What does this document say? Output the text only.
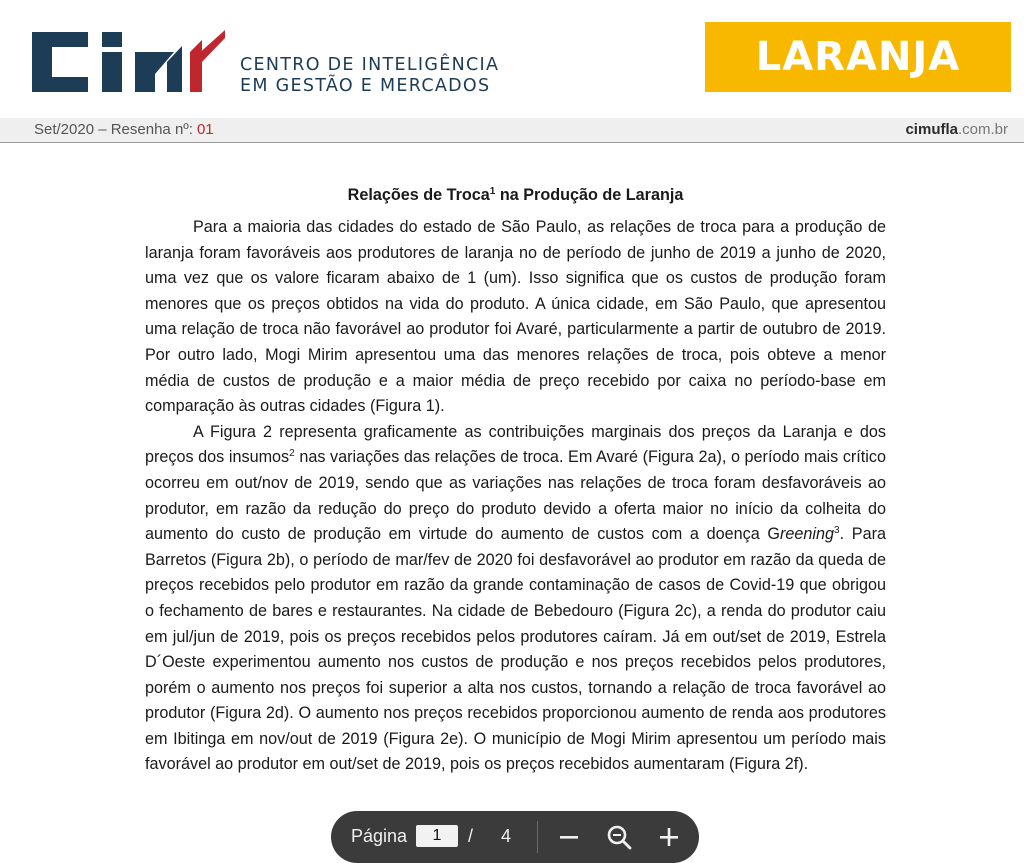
CENTRO DE INTELIGÊNCIA
EM GESTÃO E MERCADOS
LARANJA
Set/2020 – Resenha nº: 01	cimufla.com.br
Relações de Troca$^1$ na Produção de Laranja

Para a maioria das cidades do estado de São Paulo, as relações de troca para a produção de laranja foram favoráveis aos produtores de laranja no de período de junho de 2019 a junho de 2020, uma vez que os valore ficaram abaixo de 1 (um). Isso significa que os custos de produção foram menores que os preços obtidos na vida do produto. A única cidade, em São Paulo, que apresentou uma relação de troca não favorável ao produtor foi Avaré, particularmente a partir de outubro de 2019. Por outro lado, Mogi Mirim apresentou uma das menores relações de troca, pois obteve a menor média de custos de produção e a maior média de preço recebido por caixa no período-base em comparação às outras cidades (Figura 1).

A Figura 2 representa graficamente as contribuições marginais dos preços da Laranja e dos preços dos insumos$^2$ nas variações das relações de troca. Em Avaré (Figura 2a), o período mais crítico ocorreu em out/nov de 2019, sendo que as variações nas relações de troca foram desfavoráveis ao produtor, em razão da redução do preço do produto devido a oferta maior no início da colheita do aumento do custo de produção em virtude do aumento de custos com a doença Greening$^3$. Para Barretos (Figura 2b), o período de mar/fev de 2020 foi desfavorável ao produtor em razão da queda de preços recebidos pelo produtor em razão da grande contaminação de casos de Covid-19 que obrigou o fechamento de bares e restaurantes. Na cidade de Bebedouro (Figura 2c), a renda do produtor caiu em jul/jun de 2019, pois os preços recebidos pelos produtores caíram. Já em out/set de 2019, Estrela D´Oeste experimentou aumento nos custos de produção e nos preços recebidos pelos produtores, porém o aumento nos preços foi superior a alta nos custos, tornando a relação de troca favorável ao produtor (Figura 2d). O aumento nos preços recebidos proporcionou aumento de renda aos produtores em Ibitinga em nov/out de 2019 (Figura 2e). O município de Mogi Mirim apresentou um período mais favorável ao produtor em out/set de 2019, pois os preços recebidos aumentaram (Figura 2f).

Página	1	/ 4
